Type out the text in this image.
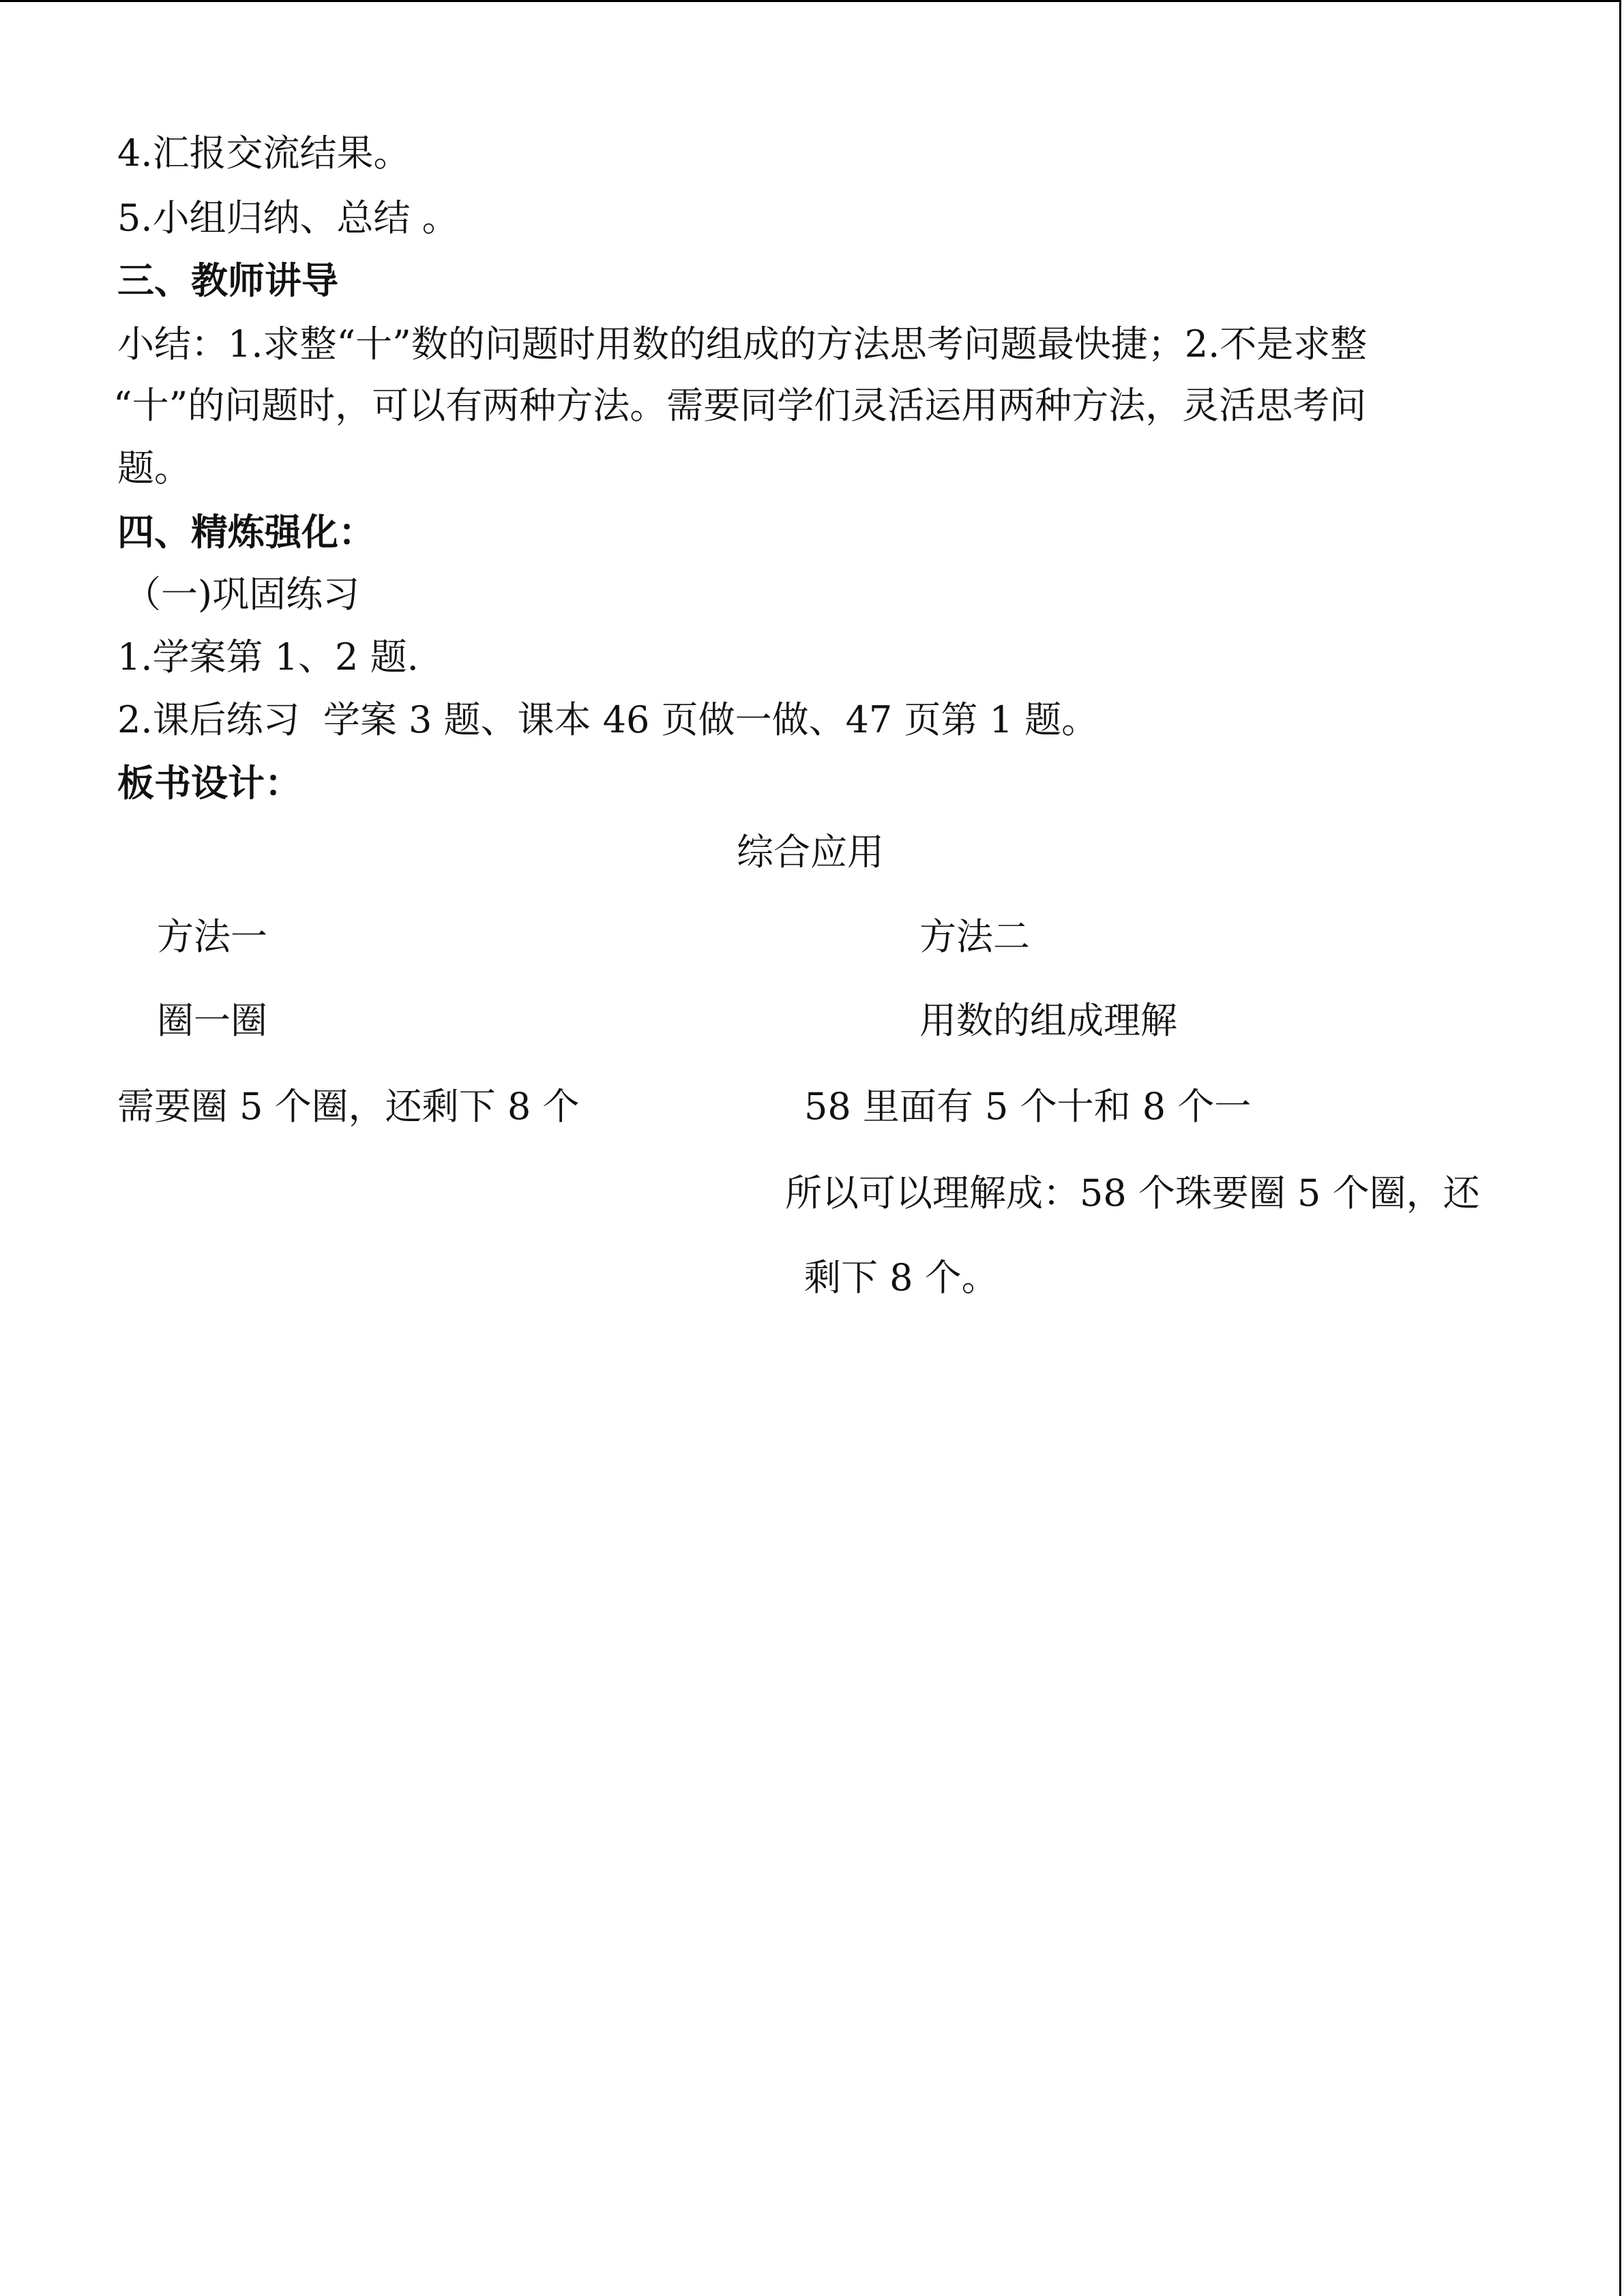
4.汇报交流结果。
5.小组归纳、总结 。
三、教师讲导
小结：1.求整“十”数的问题时用数的组成的方法思考问题最快捷；2.不是求整
“十”的问题时，可以有两种方法。需要同学们灵活运用两种方法，灵活思考问
题。
四、精炼强化：
（一)巩固练习
1.学案第 1、2 题.
2.课后练习  学案 3 题、课本 46 页做一做、47 页第 1 题。
板书设计：
综合应用
方法一	方法二
圈一圈	用数的组成理解
需要圈 5 个圈，还剩下 8 个	58 里面有 5 个十和 8 个一
所以可以理解成：58 个珠要圈 5 个圈，还
剩下 8 个。
